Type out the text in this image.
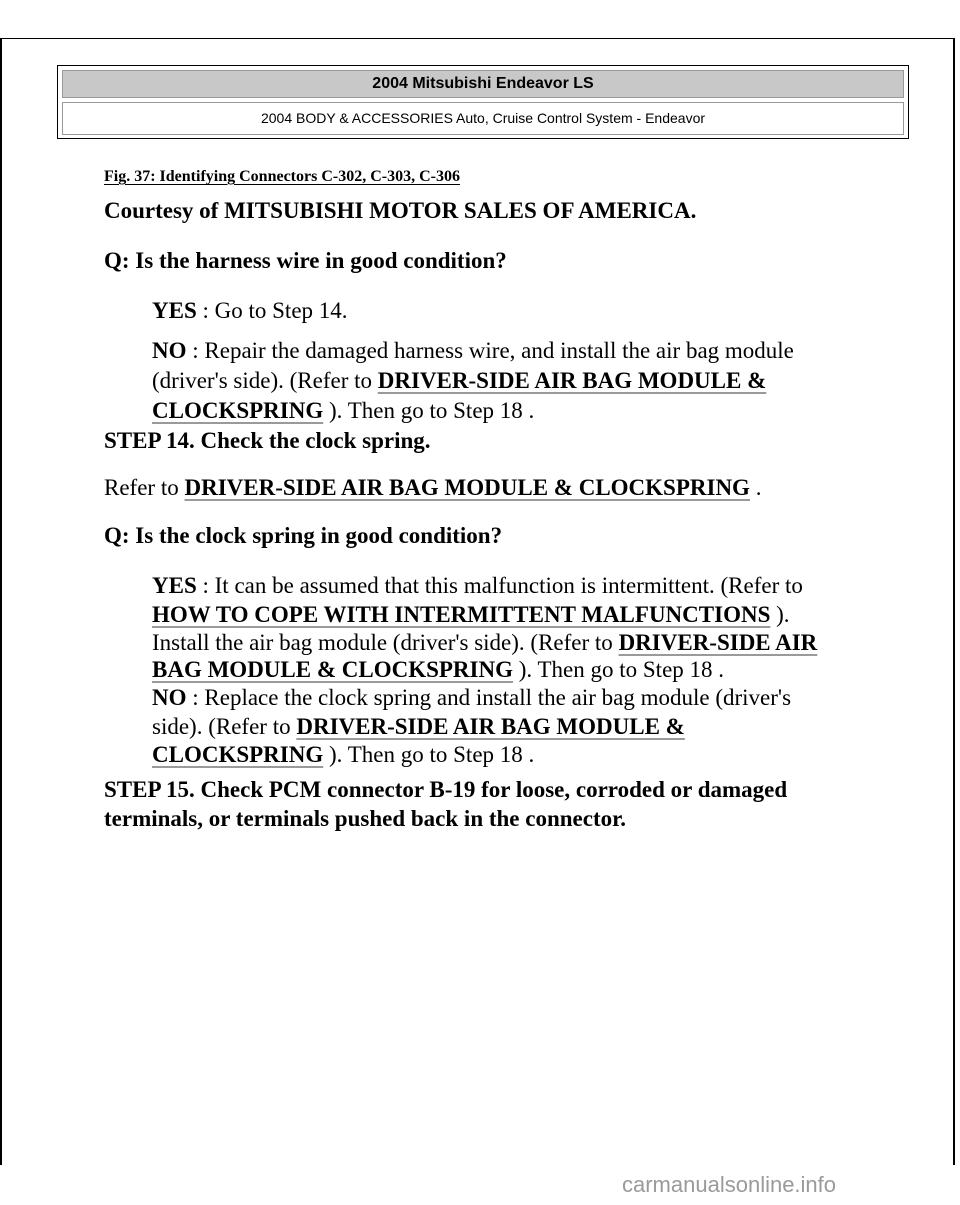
2004 Mitsubishi Endeavor LS
2004 BODY & ACCESSORIES Auto, Cruise Control System - Endeavor
Fig. 37: Identifying Connectors C-302, C-303, C-306
Courtesy of MITSUBISHI MOTOR SALES OF AMERICA.
Q: Is the harness wire in good condition?
YES : Go to Step 14.
NO : Repair the damaged harness wire, and install the air bag module
(driver's side). (Refer to DRIVER-SIDE AIR BAG MODULE &
CLOCKSPRING ). Then go to Step 18 .
STEP 14. Check the clock spring.
Refer to DRIVER-SIDE AIR BAG MODULE & CLOCKSPRING .
Q: Is the clock spring in good condition?
YES : It can be assumed that this malfunction is intermittent. (Refer to
HOW TO COPE WITH INTERMITTENT MALFUNCTIONS ).
Install the air bag module (driver's side). (Refer to DRIVER-SIDE AIR
BAG MODULE & CLOCKSPRING ). Then go to Step 18 .
NO : Replace the clock spring and install the air bag module (driver's
side). (Refer to DRIVER-SIDE AIR BAG MODULE &
CLOCKSPRING ). Then go to Step 18 .
STEP 15. Check PCM connector B-19 for loose, corroded or damaged
terminals, or terminals pushed back in the connector.
carmanualsonline.info
